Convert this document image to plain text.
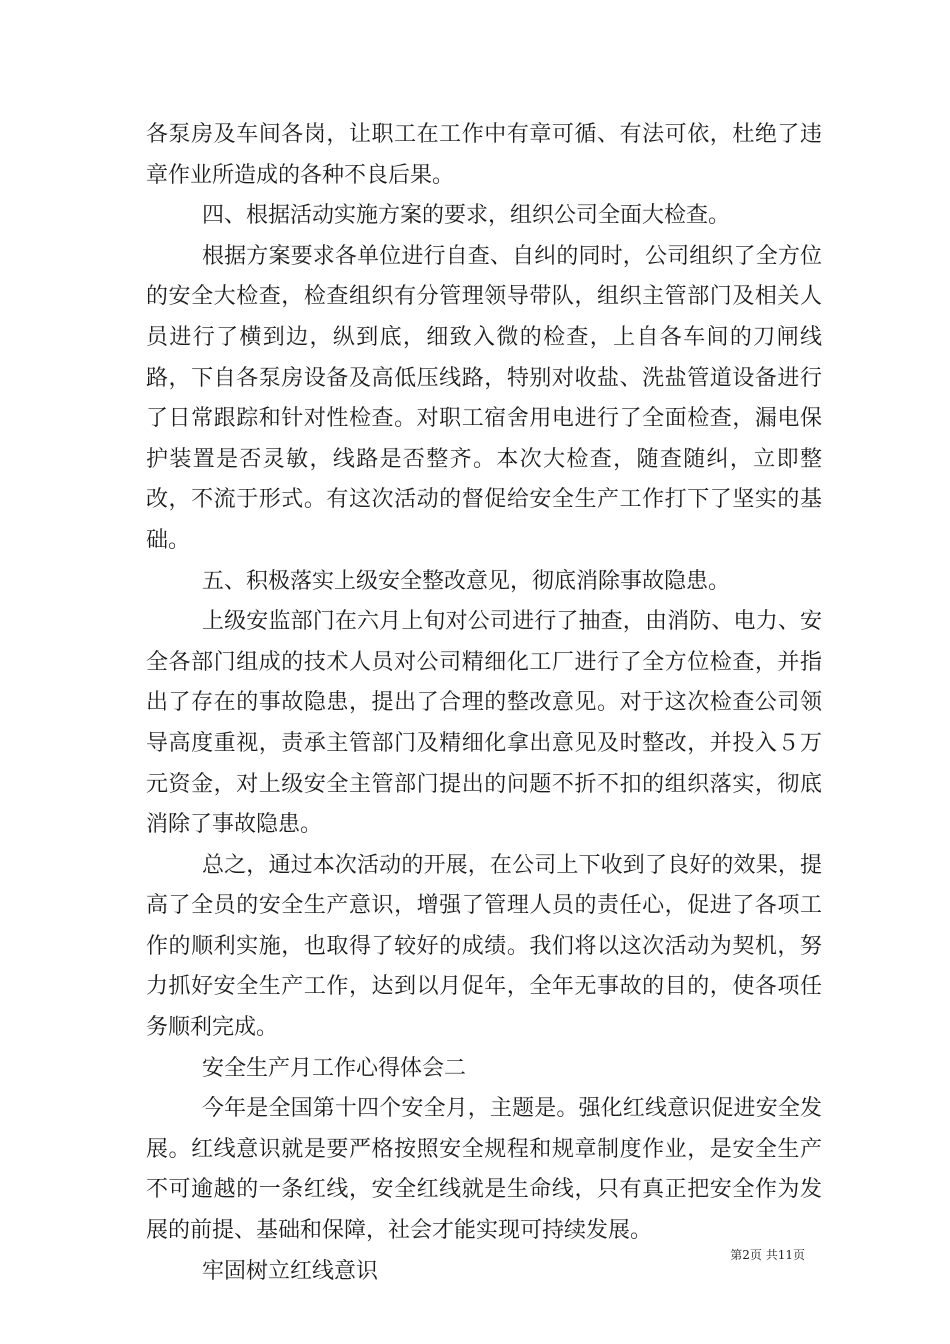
各泵房及车间各岗，让职工在工作中有章可循、有法可依，杜绝了违章作业所造成的各种不良后果。

四、根据活动实施方案的要求，组织公司全面大检查。

根据方案要求各单位进行自查、自纠的同时，公司组织了全方位的安全大检查，检查组织有分管理领导带队，组织主管部门及相关人员进行了横到边，纵到底，细致入微的检查，上自各车间的刀闸线路，下自各泵房设备及高低压线路，特别对收盐、洗盐管道设备进行了日常跟踪和针对性检查。对职工宿舍用电进行了全面检查，漏电保护装置是否灵敏，线路是否整齐。本次大检查，随查随纠，立即整改，不流于形式。有这次活动的督促给安全生产工作打下了坚实的基础。

五、积极落实上级安全整改意见，彻底消除事故隐患。

上级安监部门在六月上旬对公司进行了抽查，由消防、电力、安全各部门组成的技术人员对公司精细化工厂进行了全方位检查，并指出了存在的事故隐患，提出了合理的整改意见。对于这次检查公司领导高度重视，责承主管部门及精细化拿出意见及时整改，并投入５万元资金，对上级安全主管部门提出的问题不折不扣的组织落实，彻底消除了事故隐患。

总之，通过本次活动的开展，在公司上下收到了良好的效果，提高了全员的安全生产意识，增强了管理人员的责任心，促进了各项工作的顺利实施，也取得了较好的成绩。我们将以这次活动为契机，努力抓好安全生产工作，达到以月促年，全年无事故的目的，使各项任务顺利完成。

安全生产月工作心得体会二

今年是全国第十四个安全月，主题是。强化红线意识促进安全发展。红线意识就是要严格按照安全规程和规章制度作业，是安全生产不可逾越的一条红线，安全红线就是生命线，只有真正把安全作为发展的前提、基础和保障，社会才能实现可持续发展。

牢固树立红线意识

第2页 共11页
